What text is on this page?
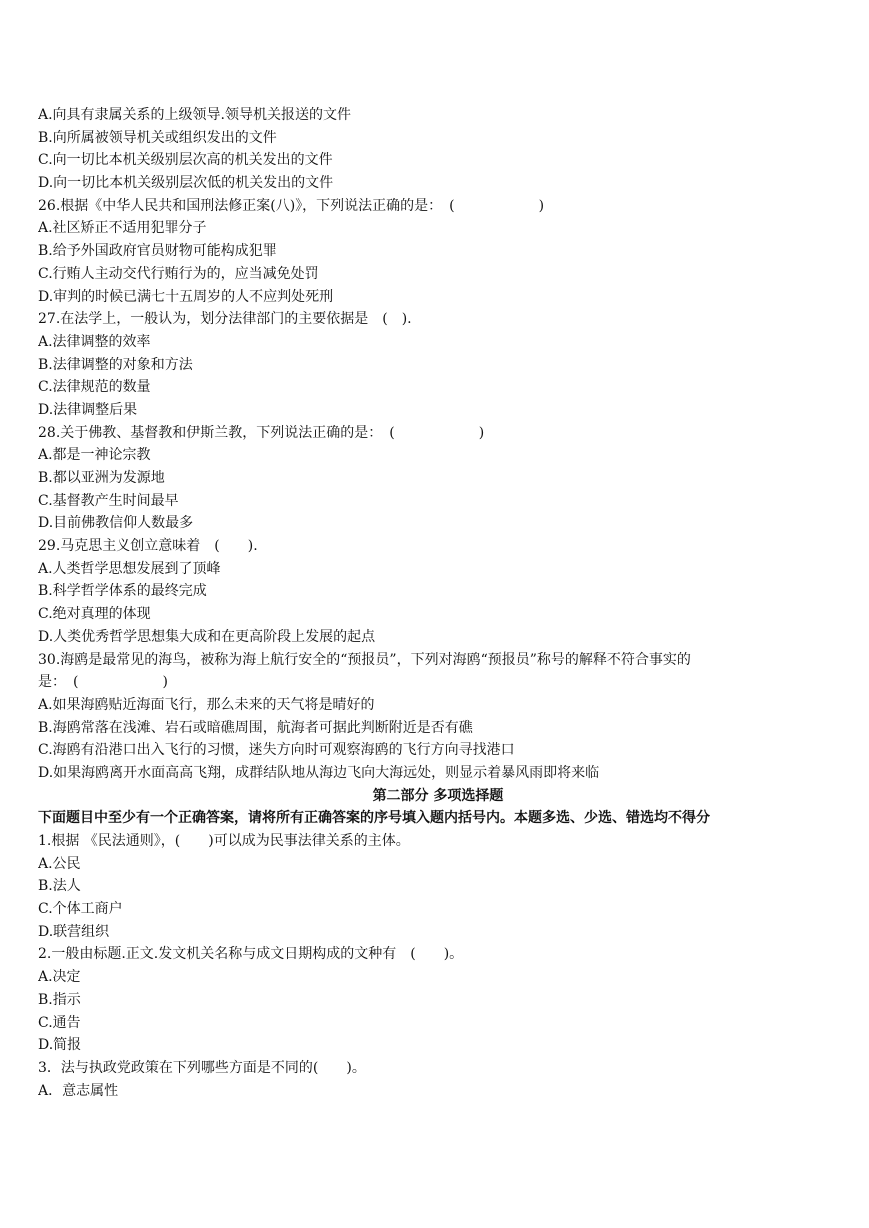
A.向具有隶属关系的上级领导.领导机关报送的文件
B.向所属被领导机关或组织发出的文件
C.向一切比本机关级别层次高的机关发出的文件
D.向一切比本机关级别层次低的机关发出的文件
26.根据《中华人民共和国刑法修正案(八)》，下列说法正确的是：　(　　　　　　)
A.社区矫正不适用犯罪分子
B.给予外国政府官员财物可能构成犯罪
C.行贿人主动交代行贿行为的，应当减免处罚
D.审判的时候已满七十五周岁的人不应判处死刑
27.在法学上，一般认为，划分法律部门的主要依据是　(　).
A.法律调整的效率
B.法律调整的对象和方法
C.法律规范的数量
D.法律调整后果
28.关于佛教、基督教和伊斯兰教，下列说法正确的是：　(　　　　　　)
A.都是一神论宗教
B.都以亚洲为发源地
C.基督教产生时间最早
D.目前佛教信仰人数最多
29.马克思主义创立意味着　(　　).
A.人类哲学思想发展到了顶峰
B.科学哲学体系的最终完成
C.绝对真理的体现
D.人类优秀哲学思想集大成和在更高阶段上发展的起点
30.海鸥是最常见的海鸟，被称为海上航行安全的“预报员”，下列对海鸥“预报员”称号的解释不符合事实的
是：　(　　　　　　)
A.如果海鸥贴近海面飞行，那么未来的天气将是晴好的
B.海鸥常落在浅滩、岩石或暗礁周围，航海者可据此判断附近是否有礁
C.海鸥有沿港口出入飞行的习惯，迷失方向时可观察海鸥的飞行方向寻找港口
D.如果海鸥离开水面高高飞翔，成群结队地从海边飞向大海远处，则显示着暴风雨即将来临
第二部分 多项选择题
下面题目中至少有一个正确答案，请将所有正确答案的序号填入题内括号内。本题多选、少选、错选均不得分
1.根据 《民法通则》，(　　)可以成为民事法律关系的主体。
A.公民
B.法人
C.个体工商户
D.联营组织
2.一般由标题.正文.发文机关名称与成文日期构成的文种有　(　　)。
A.决定
B.指示
C.通告
D.简报
3．法与执政党政策在下列哪些方面是不同的(　　)。
A．意志属性
